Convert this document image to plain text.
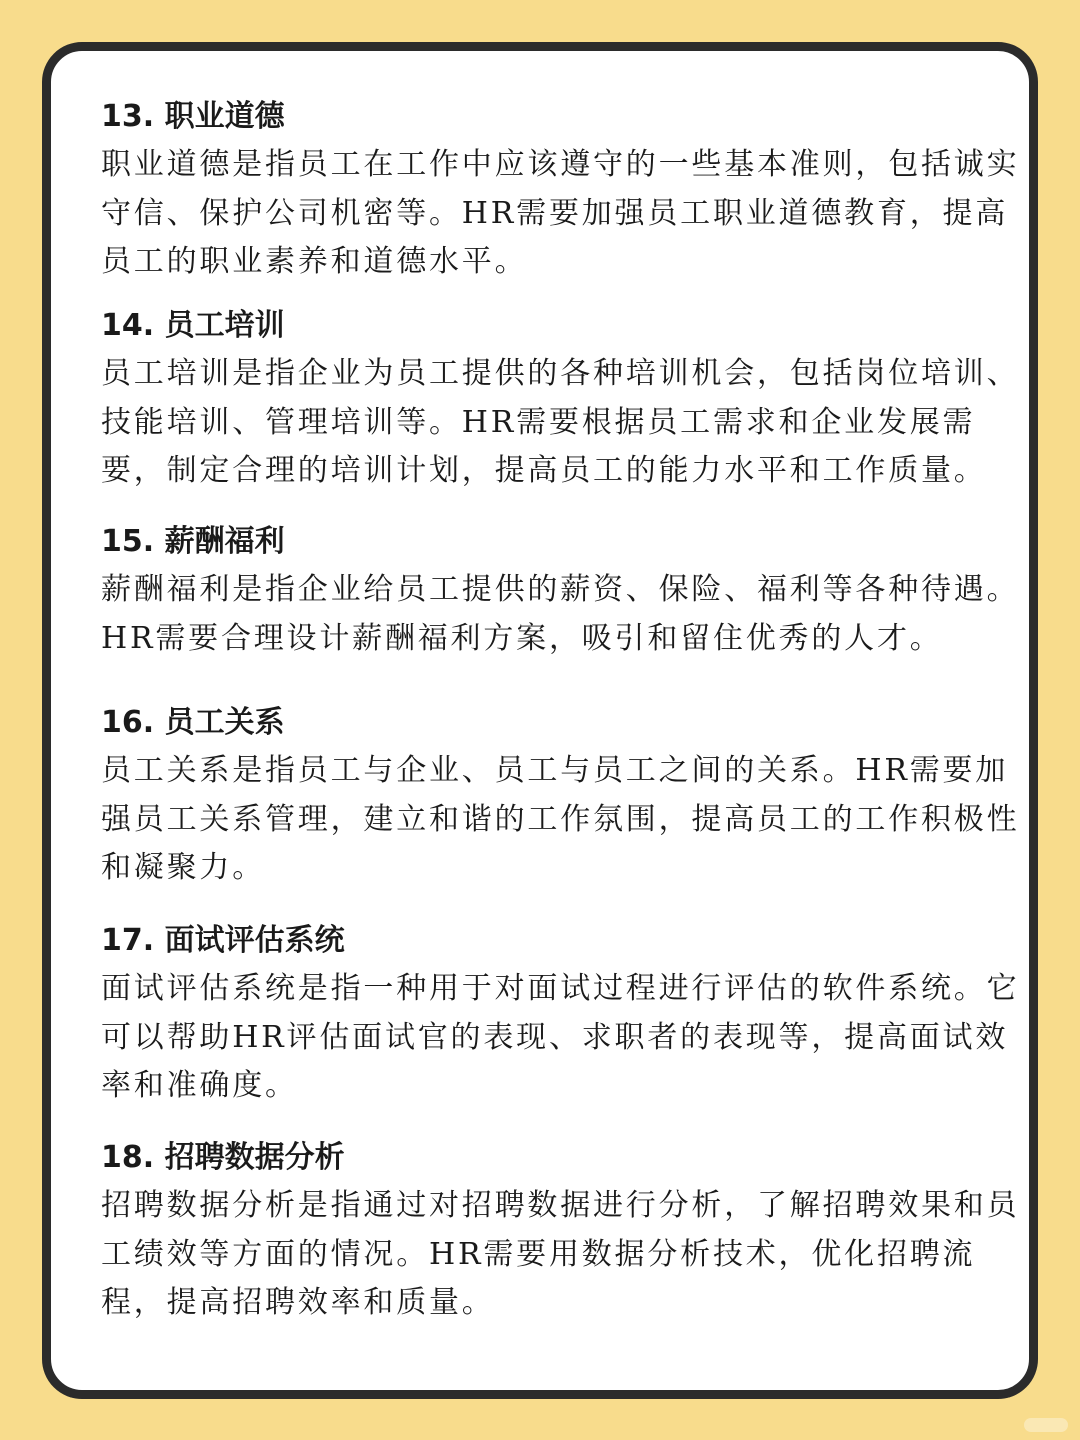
13. 职业道德

职业道德是指员工在工作中应该遵守的一些基本准则，包括诚实守信、保护公司机密等。HR需要加强员工职业道德教育，提高员工的职业素养和道德水平。

14. 员工培训

员工培训是指企业为员工提供的各种培训机会，包括岗位培训、技能培训、管理培训等。HR需要根据员工需求和企业发展需要，制定合理的培训计划，提高员工的能力水平和工作质量。

15. 薪酬福利

薪酬福利是指企业给员工提供的薪资、保险、福利等各种待遇。HR需要合理设计薪酬福利方案，吸引和留住优秀的人才。

16. 员工关系

员工关系是指员工与企业、员工与员工之间的关系。HR需要加强员工关系管理，建立和谐的工作氛围，提高员工的工作积极性和凝聚力。

17. 面试评估系统

面试评估系统是指一种用于对面试过程进行评估的软件系统。它可以帮助HR评估面试官的表现、求职者的表现等，提高面试效率和准确度。

18. 招聘数据分析

招聘数据分析是指通过对招聘数据进行分析，了解招聘效果和员工绩效等方面的情况。HR需要用数据分析技术，优化招聘流程，提高招聘效率和质量。
